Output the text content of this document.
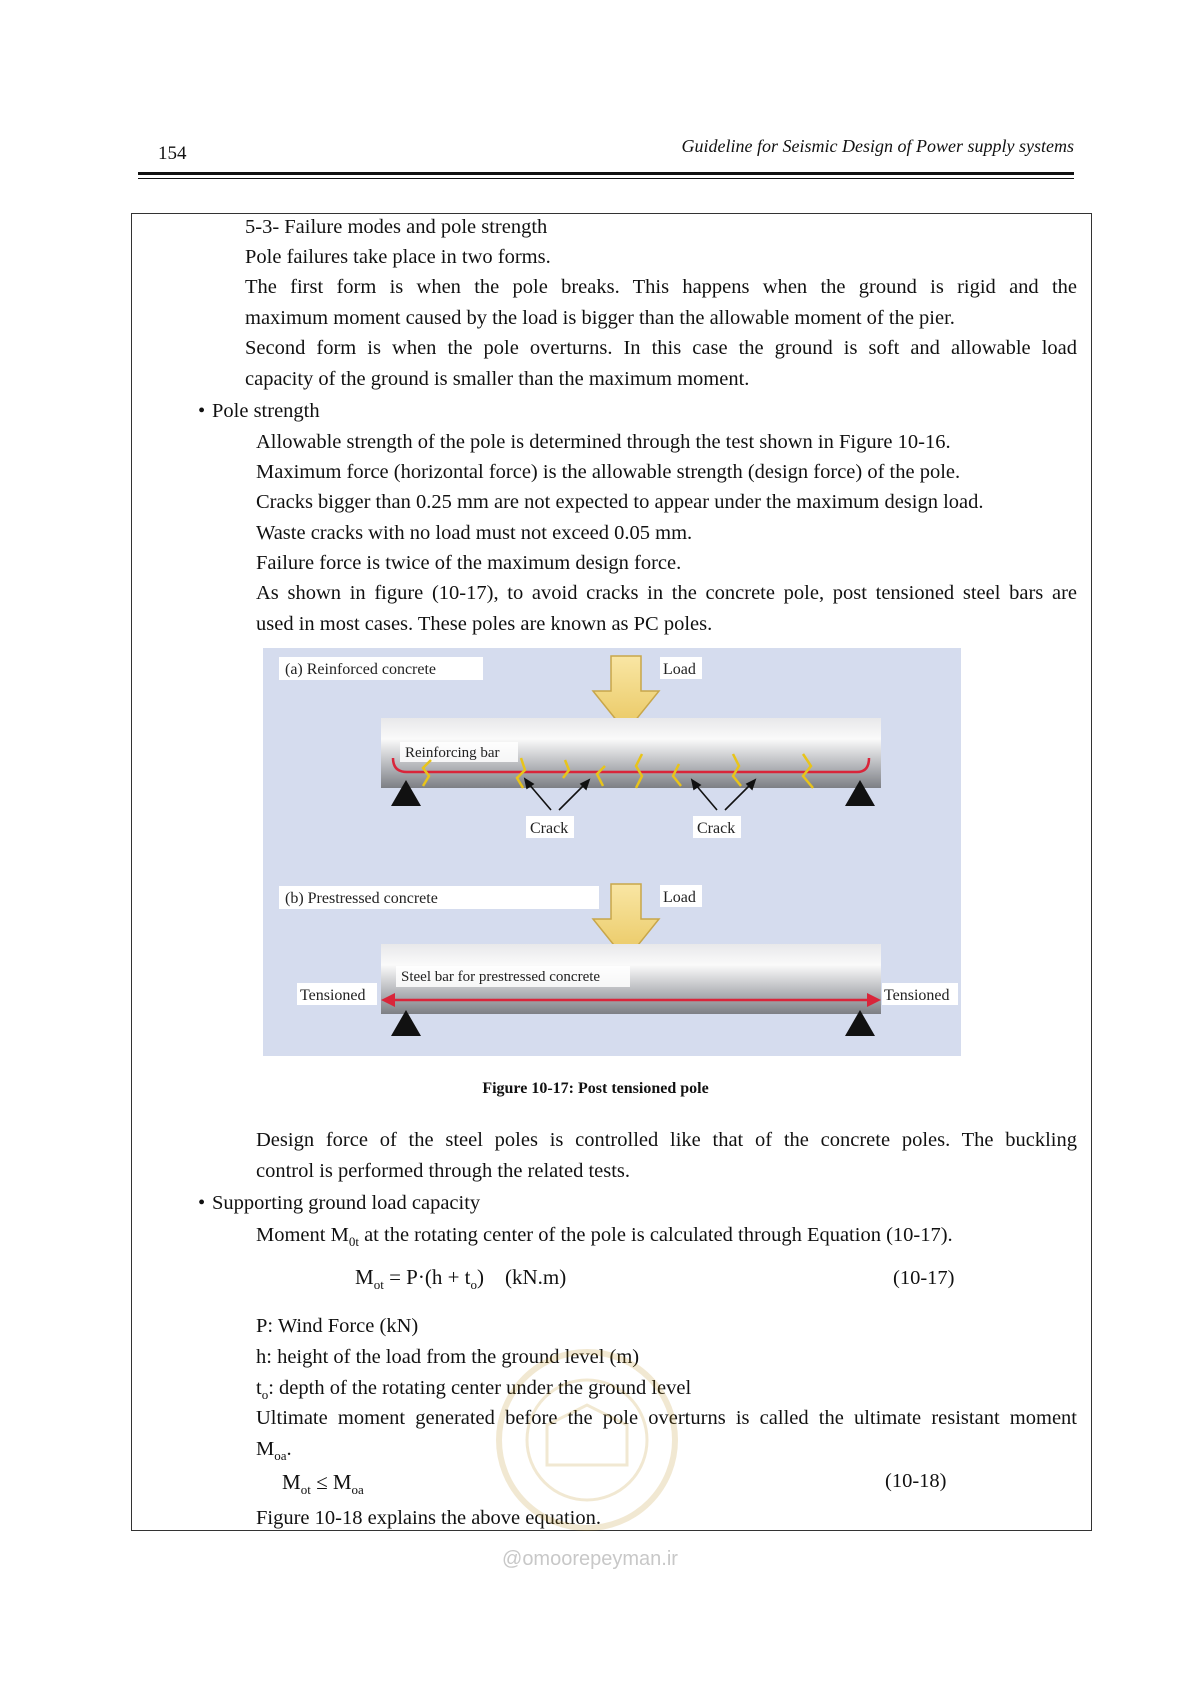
154	Guideline for Seismic Design of Power supply systems
5-3- Failure modes and pole strength
Pole failures take place in two forms.
The first form is when the pole breaks. This happens when the ground is rigid and the
maximum moment caused by the load is bigger than the allowable moment of the pier.
Second form is when the pole overturns. In this case the ground is soft and allowable load
capacity of the ground is smaller than the maximum moment.
• Pole strength
Allowable strength of the pole is determined through the test shown in Figure 10-16.
Maximum force (horizontal force) is the allowable strength (design force) of the pole.
Cracks bigger than 0.25 mm are not expected to appear under the maximum design load.
Waste cracks with no load must not exceed 0.05 mm.
Failure force is twice of the maximum design force.
As shown in figure (10-17), to avoid cracks in the concrete pole, post tensioned steel bars are
used in most cases. These poles are known as PC poles.
(a) Reinforced concrete	Load
Reinforcing bar
Crack	Crack
(b) Prestressed concrete	Load
Steel bar for prestressed concrete
Tensioned	Tensioned
Figure 10-17: Post tensioned pole
Design force of the steel poles is controlled like that of the concrete poles. The buckling
control is performed through the related tests.
• Supporting ground load capacity
Moment $M_{0t}$ at the rotating center of the pole is calculated through Equation (10-17).
$M_{ot} = P\cdot(h + t_o)$    (kN.m)	(10-17)
P: Wind Force (kN)
h: height of the load from the ground level (m)
$t_o$: depth of the rotating center under the ground level
Ultimate moment generated before the pole overturns is called the ultimate resistant moment
$M_{oa}$.
$M_{ot} \le M_{oa}$	(10-18)
Figure 10-18 explains the above equation.
@omoorepeyman.ir
